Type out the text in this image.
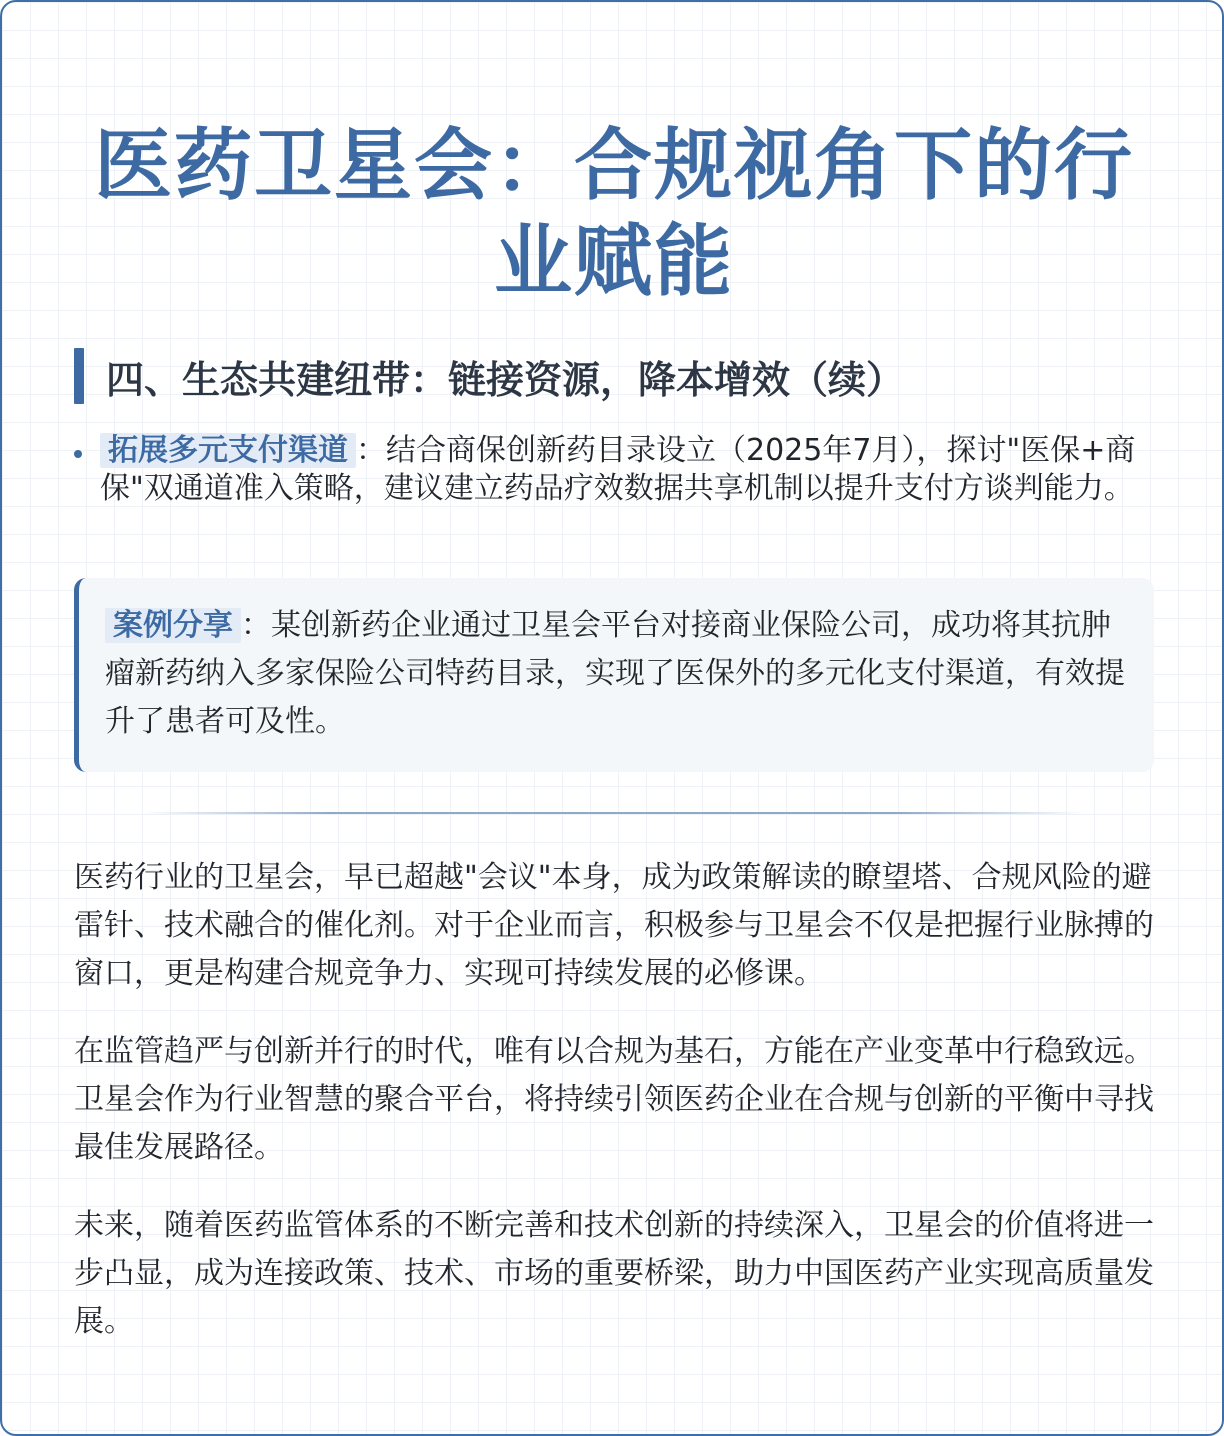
医药卫星会：合规视角下的行业赋能
四、生态共建纽带：链接资源，降本增效（续）
拓展多元支付渠道 ：结合商保创新药目录设立（2025年7月），探讨"医保+商保"双通道准入策略，建议建立药品疗效数据共享机制以提升支付方谈判能力。
案例分享 ：某创新药企业通过卫星会平台对接商业保险公司，成功将其抗肿瘤新药纳入多家保险公司特药目录，实现了医保外的多元化支付渠道，有效提升了患者可及性。

医药行业的卫星会，早已超越"会议"本身，成为政策解读的瞭望塔、合规风险的避雷针、技术融合的催化剂。对于企业而言，积极参与卫星会不仅是把握行业脉搏的窗口，更是构建合规竞争力、实现可持续发展的必修课。

在监管趋严与创新并行的时代，唯有以合规为基石，方能在产业变革中行稳致远。卫星会作为行业智慧的聚合平台，将持续引领医药企业在合规与创新的平衡中寻找最佳发展路径。

未来，随着医药监管体系的不断完善和技术创新的持续深入，卫星会的价值将进一步凸显，成为连接政策、技术、市场的重要桥梁，助力中国医药产业实现高质量发展。
